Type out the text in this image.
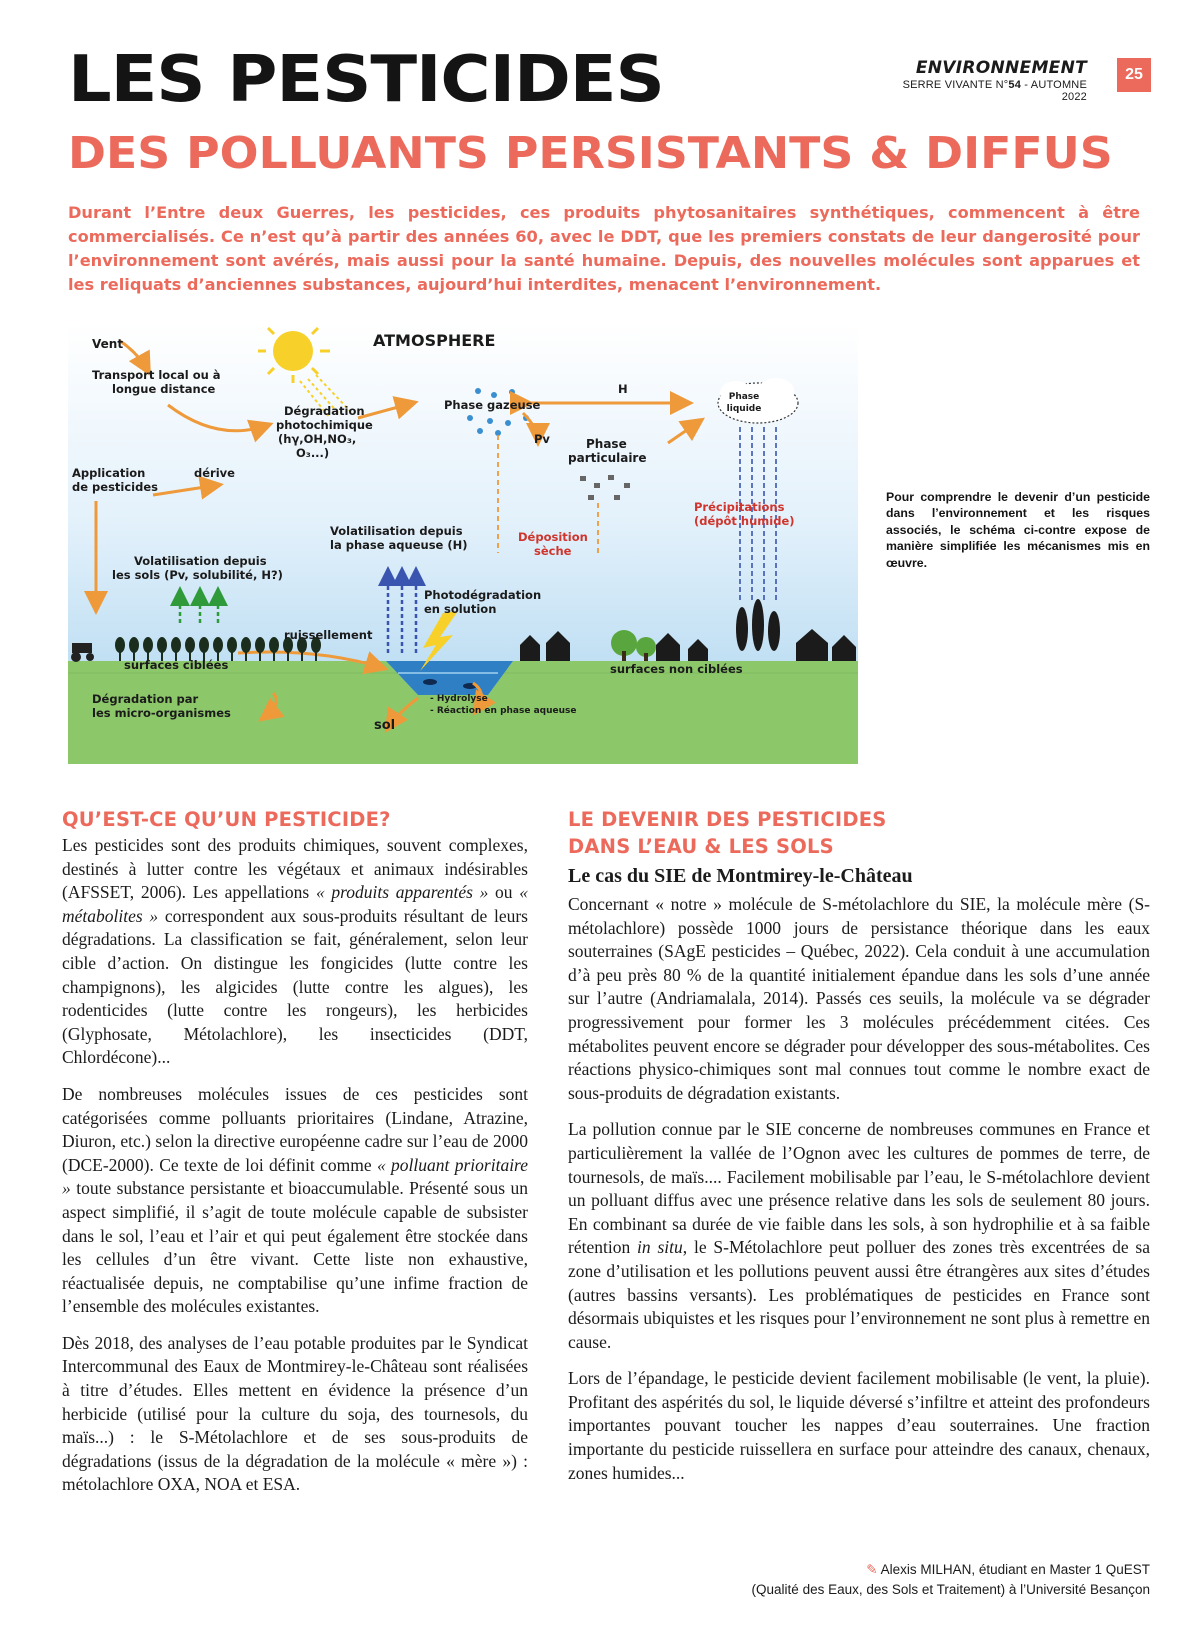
ENVIRONNEMENT
SERRE VIVANTE N°54 - AUTOMNE 2022
25
LES PESTICIDES
DES POLLUANTS PERSISTANTS & DIFFUS
Durant l’Entre deux Guerres, les pesticides, ces produits phytosanitaires synthétiques, commencent à être commercialisés. Ce n’est qu’à partir des années 60, avec le DDT, que les premiers constats de leur dangerosité pour l’environnement sont avérés, mais aussi pour la santé humaine. Depuis, des nouvelles molécules sont apparues et les reliquats d’anciennes substances, aujourd’hui interdites, menacent l’environnement.
ATMOSPHERE
Vent
Transport local ou à
longue distance
Dégradation
photochimique
(hγ,OH,NO₃,
O₃...)
Phase gazeuse
H
Phase
liquide
Pv	Phase
particulaire
Application
de pesticides
dérive
Précipitations
(dépôt humide)
Volatilisation depuis
la phase aqueuse (H)
Déposition
sèche
Volatilisation depuis
les sols (Pv, solubilité, H?)
Photodégradation
en solution
ruissellement
surfaces ciblées	surfaces non ciblées
Dégradation par
les micro-organismes
- Hydrolyse
- Réaction en phase aqueuse
sol
Pour comprendre le devenir d’un pesticide dans l’environnement et les risques associés, le schéma ci-contre expose de manière simplifiée les mécanismes mis en œuvre.
QU’EST-CE QU’UN PESTICIDE?

Les pesticides sont des produits chimiques, souvent complexes, destinés à lutter contre les végétaux et animaux indésirables (AFSSET, 2006). Les appellations « produits apparentés » ou « métabolites » correspondent aux sous-produits résultant de leurs dégradations. La classification se fait, généralement, selon leur cible d’action. On distingue les fongicides (lutte contre les champignons), les algicides (lutte contre les algues), les rodenticides (lutte contre les rongeurs), les herbicides (Glyphosate, Métolachlore), les insecticides (DDT, Chlordécone)...

De nombreuses molécules issues de ces pesticides sont catégorisées comme polluants prioritaires (Lindane, Atrazine, Diuron, etc.) selon la directive européenne cadre sur l’eau de 2000 (DCE-2000). Ce texte de loi définit comme « polluant prioritaire » toute substance persistante et bioaccumulable. Présenté sous un aspect simplifié, il s’agit de toute molécule capable de subsister dans le sol, l’eau et l’air et qui peut également être stockée dans les cellules d’un être vivant. Cette liste non exhaustive, réactualisée depuis, ne comptabilise qu’une infime fraction de l’ensemble des molécules existantes.

Dès 2018, des analyses de l’eau potable produites par le Syndicat Intercommunal des Eaux de Montmirey-le-Château sont réalisées à titre d’études. Elles mettent en évidence la présence d’un herbicide (utilisé pour la culture du soja, des tournesols, du maïs...) : le S-Métolachlore et de ses sous-produits de dégradations (issus de la dégradation de la molécule « mère ») : métolachlore OXA, NOA et ESA.

LE DEVENIR DES PESTICIDES
DANS L’EAU & LES SOLS
Le cas du SIE de Montmirey-le-Château

Concernant « notre » molécule de S-métolachlore du SIE, la molécule mère (S-métolachlore) possède 1000 jours de persistance théorique dans les eaux souterraines (SAgE pesticides – Québec, 2022). Cela conduit à une accumulation d’à peu près 80 % de la quantité initialement épandue dans les sols d’une année sur l’autre (Andriamalala, 2014). Passés ces seuils, la molécule va se dégrader progressivement pour former les 3 molécules précédemment citées. Ces métabolites peuvent encore se dégrader pour développer des sous-métabolites. Ces réactions physico-chimiques sont mal connues tout comme le nombre exact de sous-produits de dégradation existants.

La pollution connue par le SIE concerne de nombreuses communes en France et particulièrement la vallée de l’Ognon avec les cultures de pommes de terre, de tournesols, de maïs.... Facilement mobilisable par l’eau, le S-métolachlore devient un polluant diffus avec une présence relative dans les sols de seulement 80 jours. En combinant sa durée de vie faible dans les sols, à son hydrophilie et à sa faible rétention in situ, le S-Métolachlore peut polluer des zones très excentrées de sa zone d’utilisation et les pollutions peuvent aussi être étrangères aux sites d’études (autres bassins versants). Les problématiques de pesticides en France sont désormais ubiquistes et les risques pour l’environnement ne sont plus à remettre en cause.

Lors de l’épandage, le pesticide devient facilement mobilisable (le vent, la pluie). Profitant des aspérités du sol, le liquide déversé s’infiltre et atteint des profondeurs importantes pouvant toucher les nappes d’eau souterraines. Une fraction importante du pesticide ruissellera en surface pour atteindre des canaux, chenaux, zones humides...

✎ Alexis MILHAN, étudiant en Master 1 QuEST
(Qualité des Eaux, des Sols et Traitement) à l’Université Besançon
